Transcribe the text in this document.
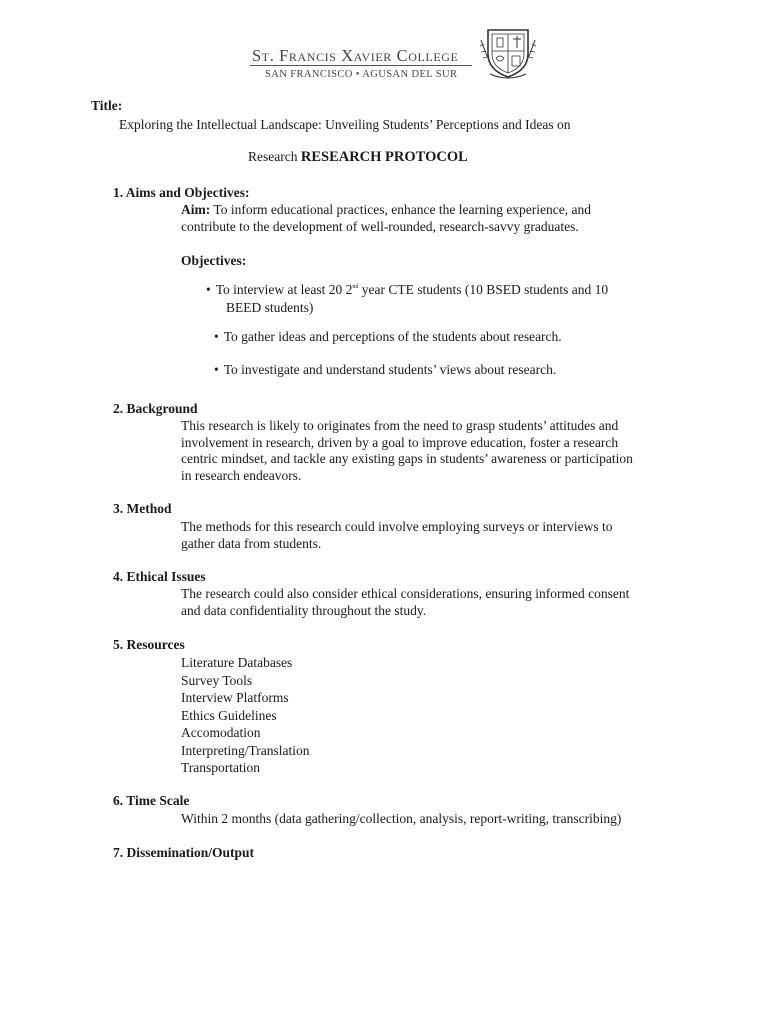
St. Francis Xavier College
SAN FRANCISCO • AGUSAN DEL SUR
Title:
Exploring the Intellectual Landscape: Unveiling Students’ Perceptions and Ideas on
Research RESEARCH PROTOCOL
1. Aims and Objectives:
Aim: To inform educational practices, enhance the learning experience, and
contribute to the development of well-rounded, research-savvy graduates.
Objectives:
• To interview at least 20 2nd year CTE students (10 BSED students and 10
BEED students)
• To gather ideas and perceptions of the students about research.
• To investigate and understand students’ views about research.
2. Background
This research is likely to originates from the need to grasp students’ attitudes and
involvement in research, driven by a goal to improve education, foster a research
centric mindset, and tackle any existing gaps in students’ awareness or participation
in research endeavors.
3. Method
The methods for this research could involve employing surveys or interviews to
gather data from students.
4. Ethical Issues
The research could also consider ethical considerations, ensuring informed consent
and data confidentiality throughout the study.
5. Resources
Literature Databases
Survey Tools
Interview Platforms
Ethics Guidelines
Accomodation
Interpreting/Translation
Transportation
6. Time Scale
Within 2 months (data gathering/collection, analysis, report-writing, transcribing)
7. Dissemination/Output
